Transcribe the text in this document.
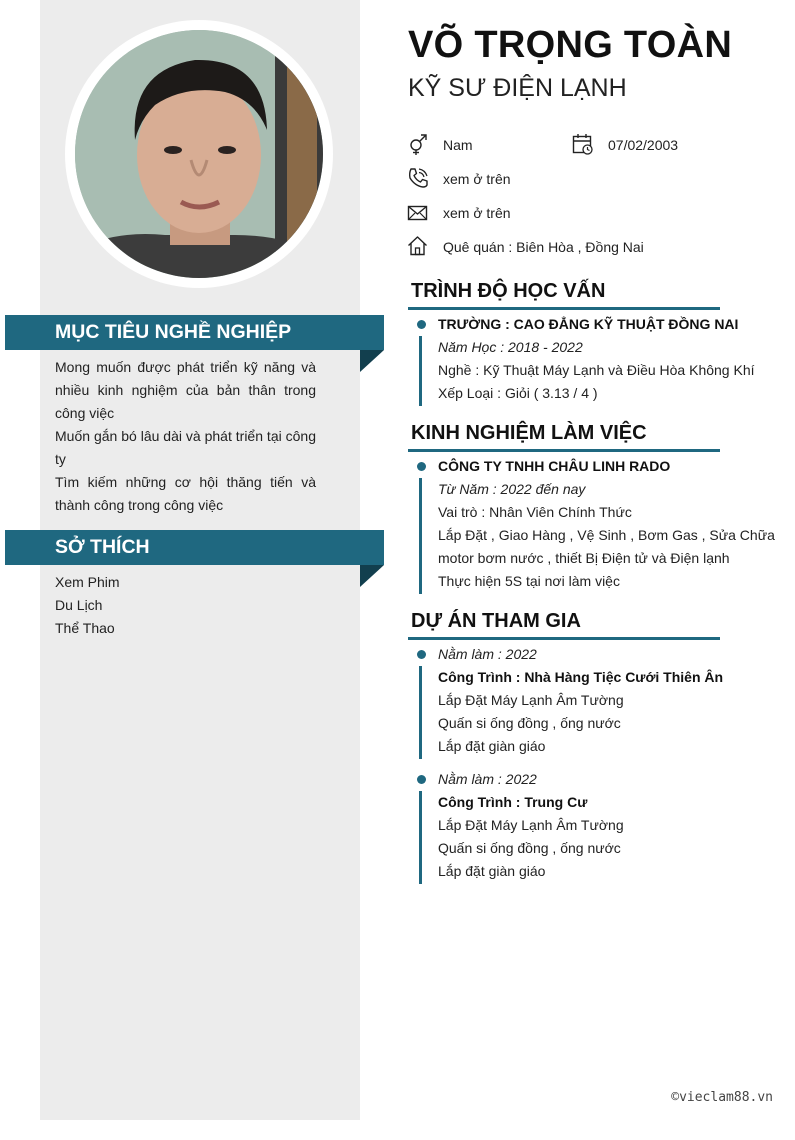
MỤC TIÊU NGHỀ NGHIỆP

Mong muốn được phát triển kỹ năng và nhiều kinh nghiệm của bản thân trong công việc

Muốn gắn bó lâu dài và phát triển tại công ty

Tìm kiếm những cơ hội thăng tiến và thành công trong công việc

SỞ THÍCH
Xem Phim
Du Lịch
Thể Thao
VÕ TRỌNG TOÀN
KỸ SƯ ĐIỆN LẠNH
Nam	07/02/2003
xem ở trên
xem ở trên
Quê quán : Biên Hòa , Đồng Nai
TRÌNH ĐỘ HỌC VẤN
TRƯỜNG : CAO ĐẲNG KỸ THUẬT ĐỒNG NAI
Năm Học : 2018 - 2022
Nghề : Kỹ Thuật Máy Lạnh và Điều Hòa Không Khí
Xếp Loại : Giỏi ( 3.13 / 4 )
KINH NGHIỆM LÀM VIỆC
CÔNG TY TNHH CHÂU LINH RADO
Từ Năm : 2022 đến nay
Vai trò : Nhân Viên Chính Thức
Lắp Đặt , Giao Hàng , Vệ Sinh , Bơm Gas , Sửa Chữa
motor bơm nước , thiết Bị Điện tử và Điện lạnh
Thực hiện 5S tại nơi làm việc
DỰ ÁN THAM GIA
Nằm làm : 2022
Công Trình : Nhà Hàng Tiệc Cưới Thiên Ân
Lắp Đặt Máy Lạnh Âm Tường
Quấn si ống đồng , ống nước
Lắp đặt giàn giáo
Nằm làm : 2022
Công Trình : Trung Cư
Lắp Đặt Máy Lạnh Âm Tường
Quấn si ống đồng , ống nước
Lắp đặt giàn giáo
©vieclam88.vn
